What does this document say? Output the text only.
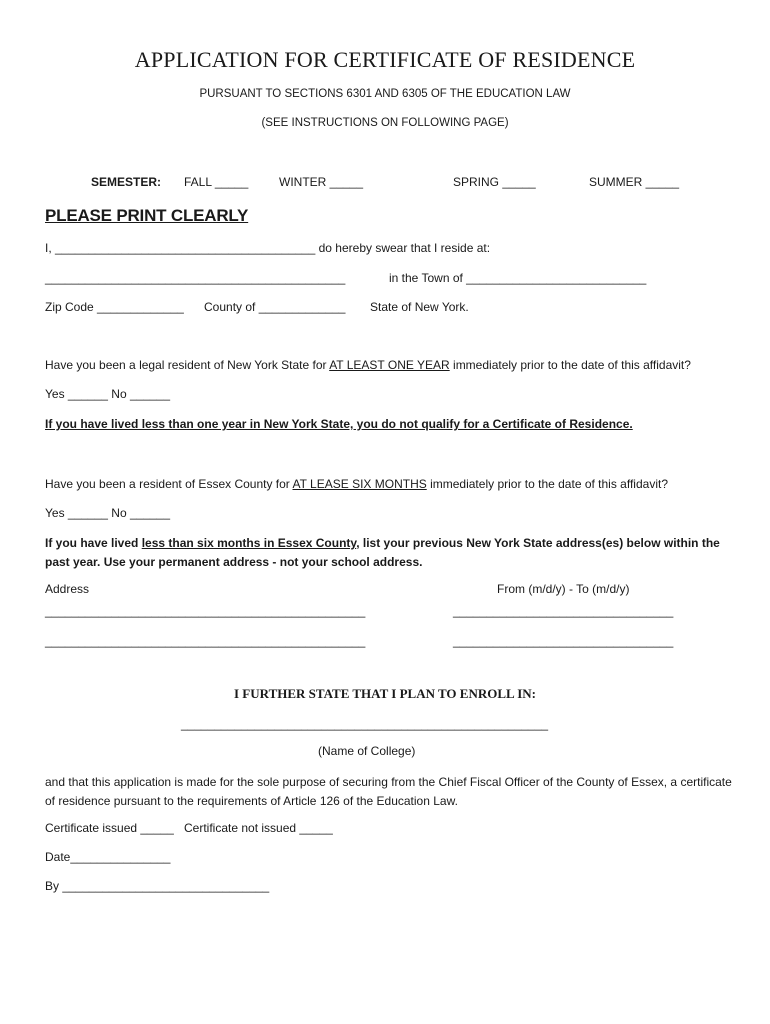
APPLICATION FOR CERTIFICATE OF RESIDENCE
PURSUANT TO SECTIONS 6301 AND 6305 OF THE EDUCATION LAW
(SEE INSTRUCTIONS ON FOLLOWING PAGE)
SEMESTER: FALL _____	WINTER _____	SPRING _____	SUMMER _____
PLEASE PRINT CLEARLY
I, _______________________________________ do hereby swear that I reside at:
_____________________________________________	in the Town of ___________________________
Zip Code _____________ County of _____________ State of New York.
Have you been a legal resident of New York State for AT LEAST ONE YEAR immediately prior to the date of this affidavit?
Yes ______ No ______
If you have lived less than one year in New York State, you do not qualify for a Certificate of Residence.
Have you been a resident of Essex County for AT LEASE SIX MONTHS immediately prior to the date of this affidavit?
Yes ______ No ______
If you have lived less than six months in Essex County, list your previous New York State address(es) below within the past year. Use your permanent address - not your school address.
Address	From (m/d/y) - To (m/d/y)
________________________________________________	_________________________________
________________________________________________	_________________________________
I FURTHER STATE THAT I PLAN TO ENROLL IN:
_______________________________________________________
(Name of College)
and that this application is made for the sole purpose of securing from the Chief Fiscal Officer of the County of Essex, a certificate of residence pursuant to the requirements of Article 126 of the Education Law.
Certificate issued _____ Certificate not issued _____
Date_______________
By _______________________________
